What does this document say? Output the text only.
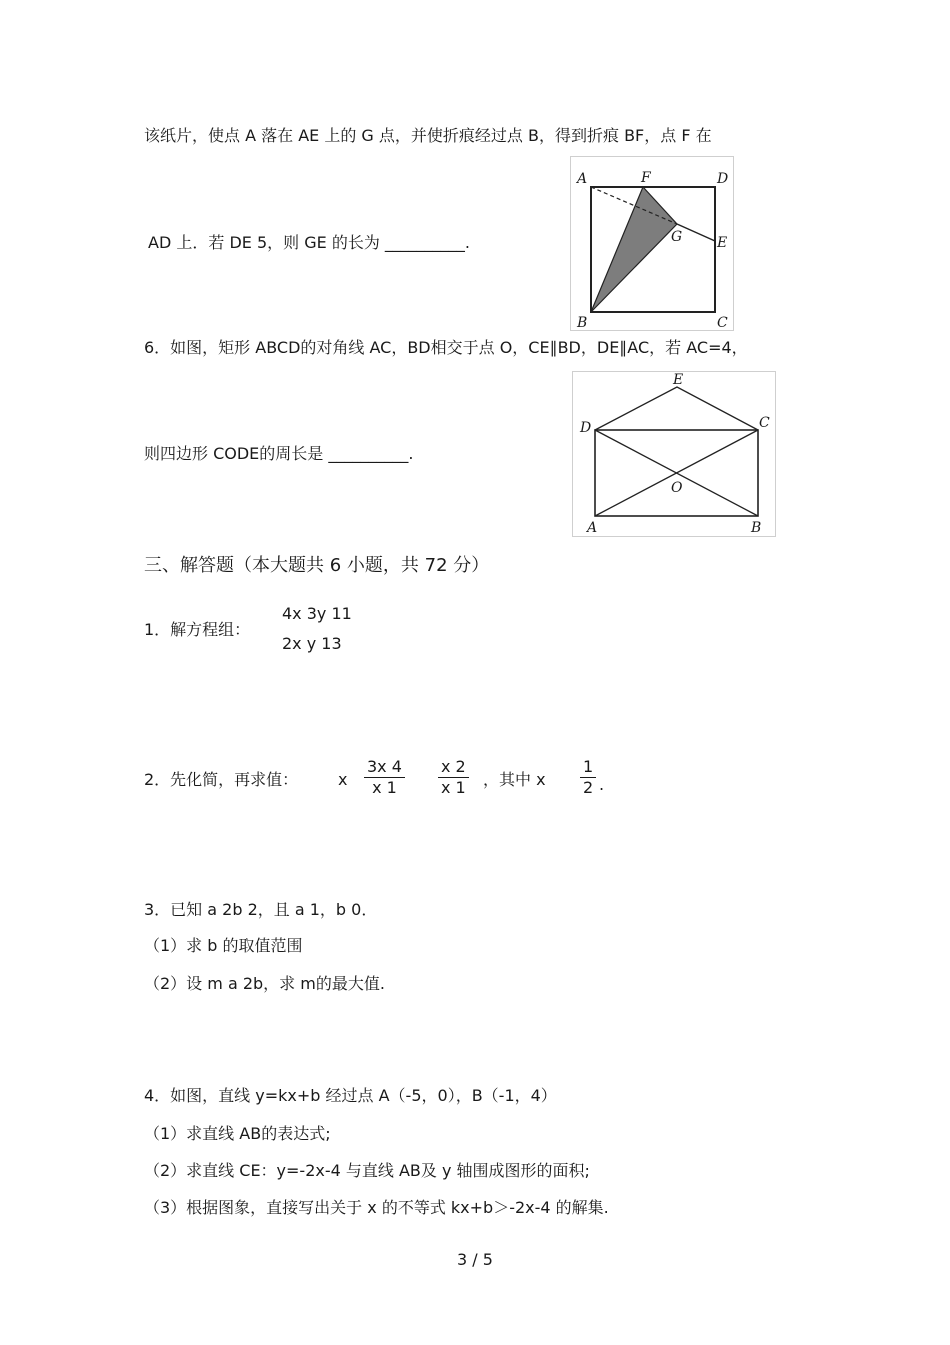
该纸片，使点 A 落在 AE 上的 G 点，并使折痕经过点 B，得到折痕 BF，点 F 在
AD 上．若 DE 5，则 GE 的长为 __________.
A	F	D
G E
B	C
6．如图，矩形 ABCD的对角线 AC，BD相交于点 O，CE∥BD，DE∥AC，若 AC=4，
则四边形 CODE的周长是 __________.
E
D	C
O
A	B
三、解答题（本大题共 6 小题，共 72 分）
1．解方程组：
4x 3y 11
2x y 13
2．先化简，再求值： x
3x 4
x 1
x 2
x 1 ，其中 x
1
2 .
3．已知 a 2b 2，且 a 1，b 0．
（1）求 b 的取值范围
（2）设 m a 2b，求 m的最大值.
4．如图，直线 y=kx+b 经过点 A（-5，0），B（-1，4）
（1）求直线 AB的表达式;
（2）求直线 CE：y=-2x-4 与直线 AB及 y 轴围成图形的面积;
（3）根据图象，直接写出关于 x 的不等式 kx+b＞-2x-4 的解集.
3 / 5
